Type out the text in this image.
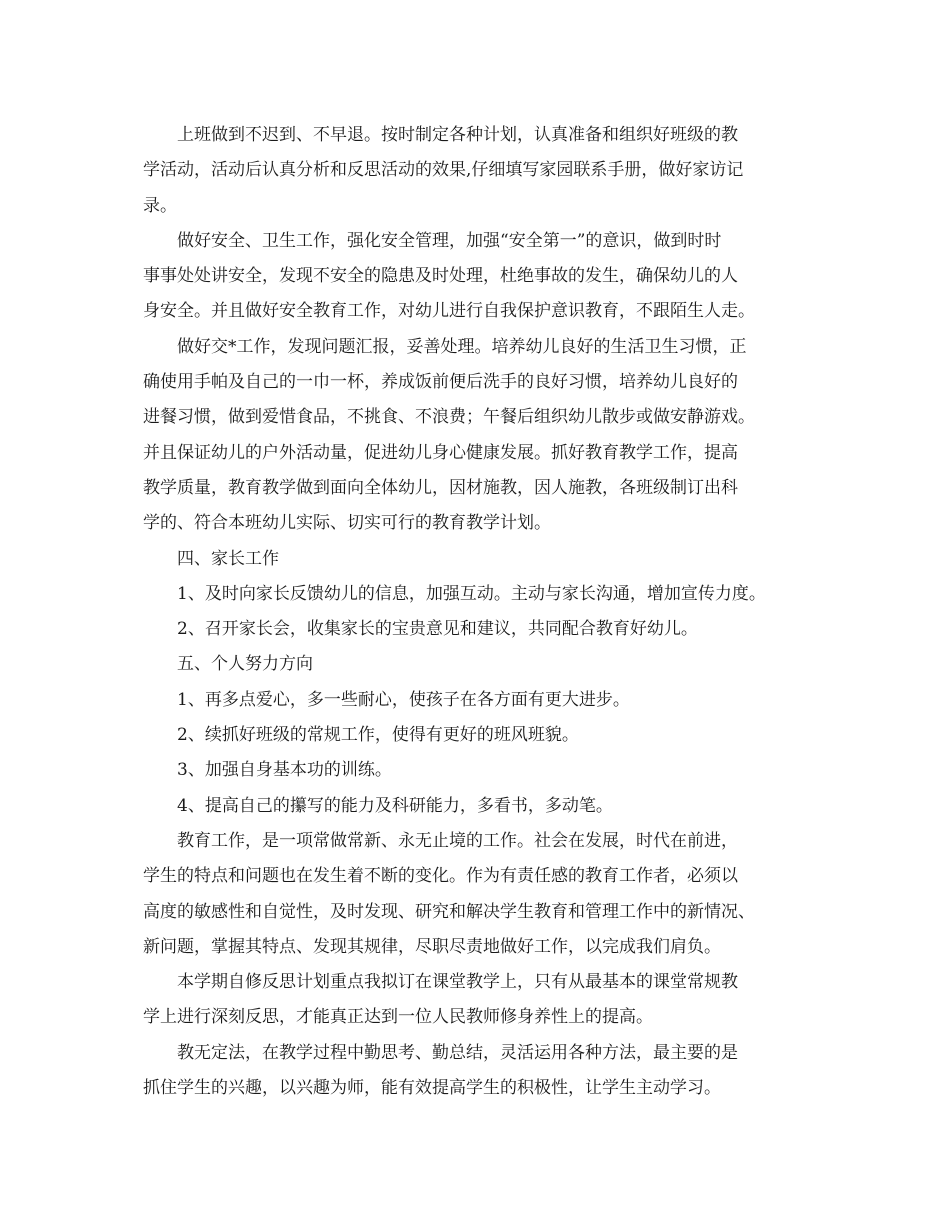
上班做到不迟到、不早退。按时制定各种计划，认真准备和组织好班级的教
学活动，活动后认真分析和反思活动的效果,仔细填写家园联系手册，做好家访记
录。
做好安全、卫生工作，强化安全管理，加强“安全第一”的意识，做到时时
事事处处讲安全，发现不安全的隐患及时处理，杜绝事故的发生，确保幼儿的人
身安全。并且做好安全教育工作，对幼儿进行自我保护意识教育，不跟陌生人走。
做好交*工作，发现问题汇报，妥善处理。培养幼儿良好的生活卫生习惯，正
确使用手帕及自己的一巾一杯，养成饭前便后洗手的良好习惯，培养幼儿良好的
进餐习惯，做到爱惜食品，不挑食、不浪费；午餐后组织幼儿散步或做安静游戏。
并且保证幼儿的户外活动量，促进幼儿身心健康发展。抓好教育教学工作，提高
教学质量，教育教学做到面向全体幼儿，因材施教，因人施教，各班级制订出科
学的、符合本班幼儿实际、切实可行的教育教学计划。
四、家长工作
1、及时向家长反馈幼儿的信息，加强互动。主动与家长沟通，增加宣传力度。
2、召开家长会，收集家长的宝贵意见和建议，共同配合教育好幼儿。
五、个人努力方向
1、再多点爱心，多一些耐心，使孩子在各方面有更大进步。
2、续抓好班级的常规工作，使得有更好的班风班貌。
3、加强自身基本功的训练。
4、提高自己的攥写的能力及科研能力，多看书，多动笔。
教育工作，是一项常做常新、永无止境的工作。社会在发展，时代在前进，
学生的特点和问题也在发生着不断的变化。作为有责任感的教育工作者，必须以
高度的敏感性和自觉性，及时发现、研究和解决学生教育和管理工作中的新情况、
新问题，掌握其特点、发现其规律，尽职尽责地做好工作，以完成我们肩负。
本学期自修反思计划重点我拟订在课堂教学上，只有从最基本的课堂常规教
学上进行深刻反思，才能真正达到一位人民教师修身养性上的提高。
教无定法，在教学过程中勤思考、勤总结，灵活运用各种方法，最主要的是
抓住学生的兴趣，以兴趣为师，能有效提高学生的积极性，让学生主动学习。
